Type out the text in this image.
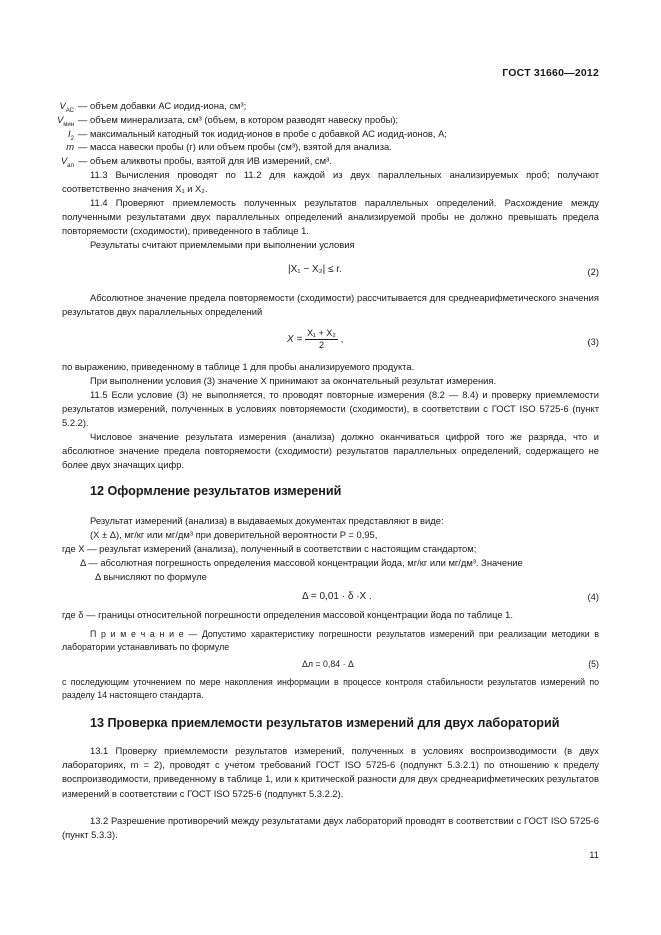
ГОСТ 31660—2012
$V_{АС}$ — объем добавки АС иодид-иона, см³;
$V_{мин}$ — объем минерализата, см³ (объем, в котором разводят навеску пробы);
$I_2$ — максимальный катодный ток иодид-ионов в пробе с добавкой АС иодид-ионов, А;
m — масса навески пробы (г) или объем пробы (см³), взятой для анализа.
$V_{ал}$ — объем аликвоты пробы, взятой для ИВ измерений, см³.
11.3 Вычисления проводят по 11.2 для каждой из двух параллельных анализируемых проб; получают соответственно значения X₁ и X₂.
11.4 Проверяют приемлемость полученных результатов параллельных определений. Расхождение между полученными результатами двух параллельных определений анализируемой пробы не должно превышать предела повторяемости (сходимости), приведенного в таблице 1.
Результаты считают приемлемыми при выполнении условия
|X₁ − X₂| ≤ r.	(2)
Абсолютное значение предела повторяемости (сходимости) рассчитывается для среднеарифметического значения результатов двух параллельных определений
$X = \frac{\text{X₁ + X₂}}{2}$ ,	(3)
по выражению, приведенному в таблице 1 для пробы анализируемого продукта.
При выполнении условия (3) значение X принимают за окончательный результат измерения.
11.5 Если условие (3) не выполняется, то проводят повторные измерения (8.2 — 8.4) и проверку приемлемости результатов измерений, полученных в условиях повторяемости (сходимости), в соответствии с ГОСТ ISO 5725-6 (пункт 5.2.2).
Числовое значение результата измерения (анализа) должно оканчиваться цифрой того же разряда, что и абсолютное значение предела повторяемости (сходимости) результатов параллельных определений, содержащего не более двух значащих цифр.
12 Оформление результатов измерений
Результат измерений (анализа) в выдаваемых документах представляют в виде:
(X ± Δ), мг/кг или мг/дм³ при доверительной вероятности P = 0,95,
где X — результат измерений (анализа), полученный в соответствии с настоящим стандартом;
Δ — абсолютная погрешность определения массовой концентрации йода, мг/кг или мг/дм³. Значение
Δ вычисляют по формуле
Δ = 0,01 · δ ·X .	(4)
где δ — границы относительной погрешности определения массовой концентрации йода по таблице 1.
П р и м е ч а н и е — Допустимо характеристику погрешности результатов измерений при реализации методики в лаборатории устанавливать по формуле
Δл = 0,84 · Δ	(5)
с последующим уточнением по мере накопления информации в процессе контроля стабильности результатов измерений по разделу 14 настоящего стандарта.
13 Проверка приемлемости результатов измерений для двух лабораторий
13.1 Проверку приемлемости результатов измерений, полученных в условиях воспроизводимости (в двух лабораториях, m = 2), проводят с учетом требований ГОСТ ISO 5725-6 (подпункт 5.3.2.1) по отношению к пределу воспроизводимости, приведенному в таблице 1, или к критической разности для двух среднеарифметических результатов измерений в соответствии с ГОСТ ISO 5725-6 (подпункт 5.3.2.2).
13.2 Разрешение противоречий между результатами двух лабораторий проводят в соответствии с ГОСТ ISO 5725-6 (пункт 5.3.3).
11
